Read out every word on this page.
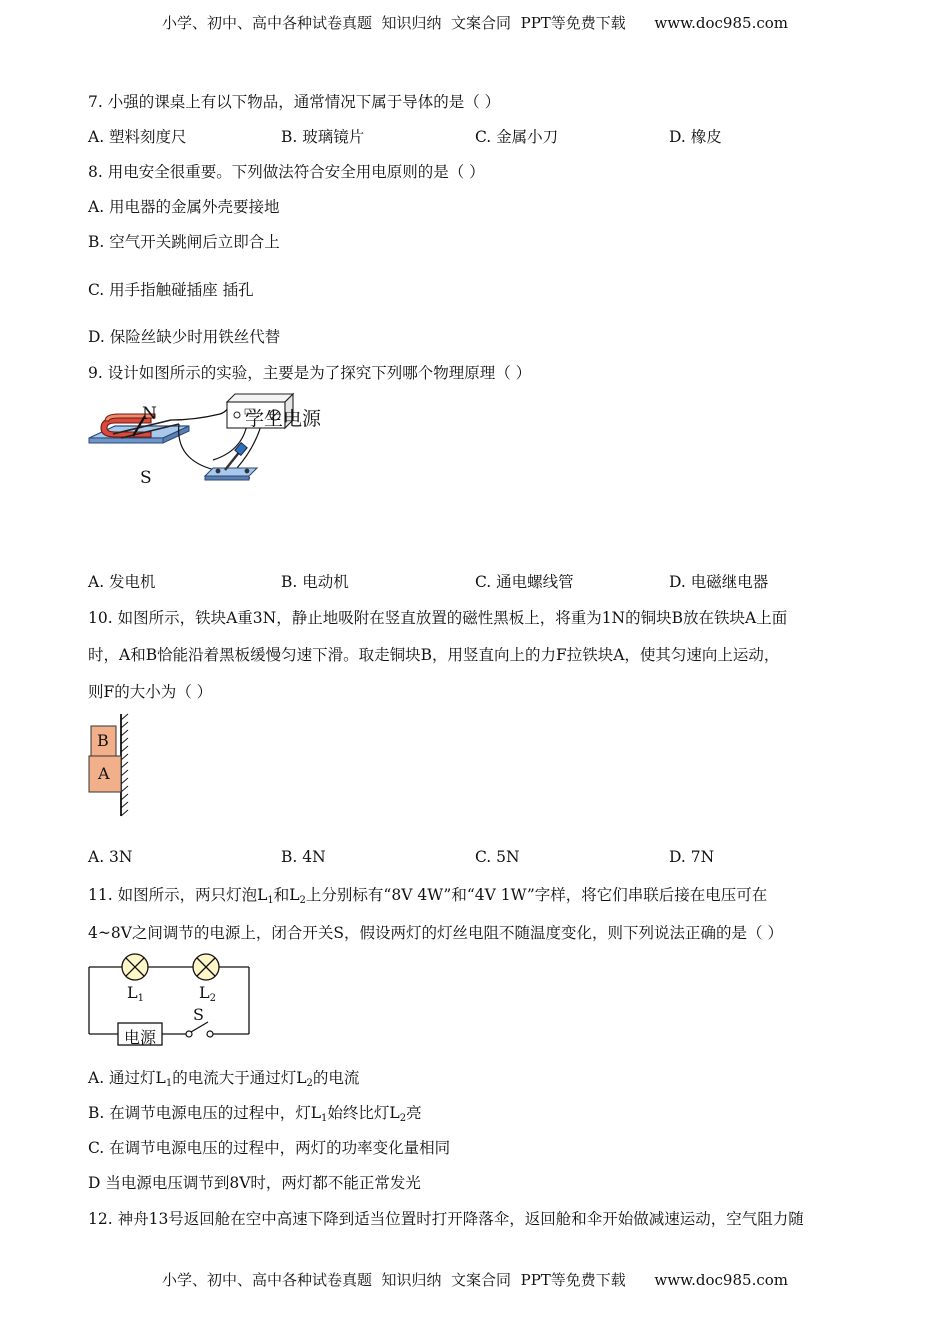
小学、初中、高中各种试卷真题  知识归纳  文案合同  PPT等免费下载      www.doc985.com
7. 小强的课桌上有以下物品，通常情况下属于导体的是（ ）
A. 塑料刻度尺	B. 玻璃镜片	C. 金属小刀	D. 橡皮
8. 用电安全很重要。下列做法符合安全用电原则的是（ ）
A. 用电器的金属外壳要接地
B. 空气开关跳闸后立即合上
C. 用手指触碰插座 插孔
D. 保险丝缺少时用铁丝代替
9. 设计如图所示的实验，主要是为了探究下列哪个物理原理（ ）
N
S
学生电源
A. 发电机	B. 电动机	C. 通电螺线管	D. 电磁继电器
10. 如图所示，铁块A重3N，静止地吸附在竖直放置的磁性黑板上，将重为1N的铜块B放在铁块A上面
时，A和B恰能沿着黑板缓慢匀速下滑。取走铜块B，用竖直向上的力F拉铁块A，使其匀速向上运动，
则F的大小为（ ）
B
A
A. 3N	B. 4N	C. 5N	D. 7N
11. 如图所示，两只灯泡$L_1$和$L_2$上分别标有“8V 4W”和“4V 1W”字样，将它们串联后接在电压可在
4~8V之间调节的电源上，闭合开关S，假设两灯的灯丝电阻不随温度变化，则下列说法正确的是（ ）
$L_1$	$L_2$
S
电源
A. 通过灯$L_1$的电流大于通过灯$L_2$的电流
B. 在调节电源电压的过程中，灯$L_1$始终比灯$L_2$亮
C. 在调节电源电压的过程中，两灯的功率变化量相同
D 当电源电压调节到8V时，两灯都不能正常发光
12. 神舟13号返回舱在空中高速下降到适当位置时打开降落伞，返回舱和伞开始做减速运动，空气阻力随
小学、初中、高中各种试卷真题  知识归纳  文案合同  PPT等免费下载      www.doc985.com
